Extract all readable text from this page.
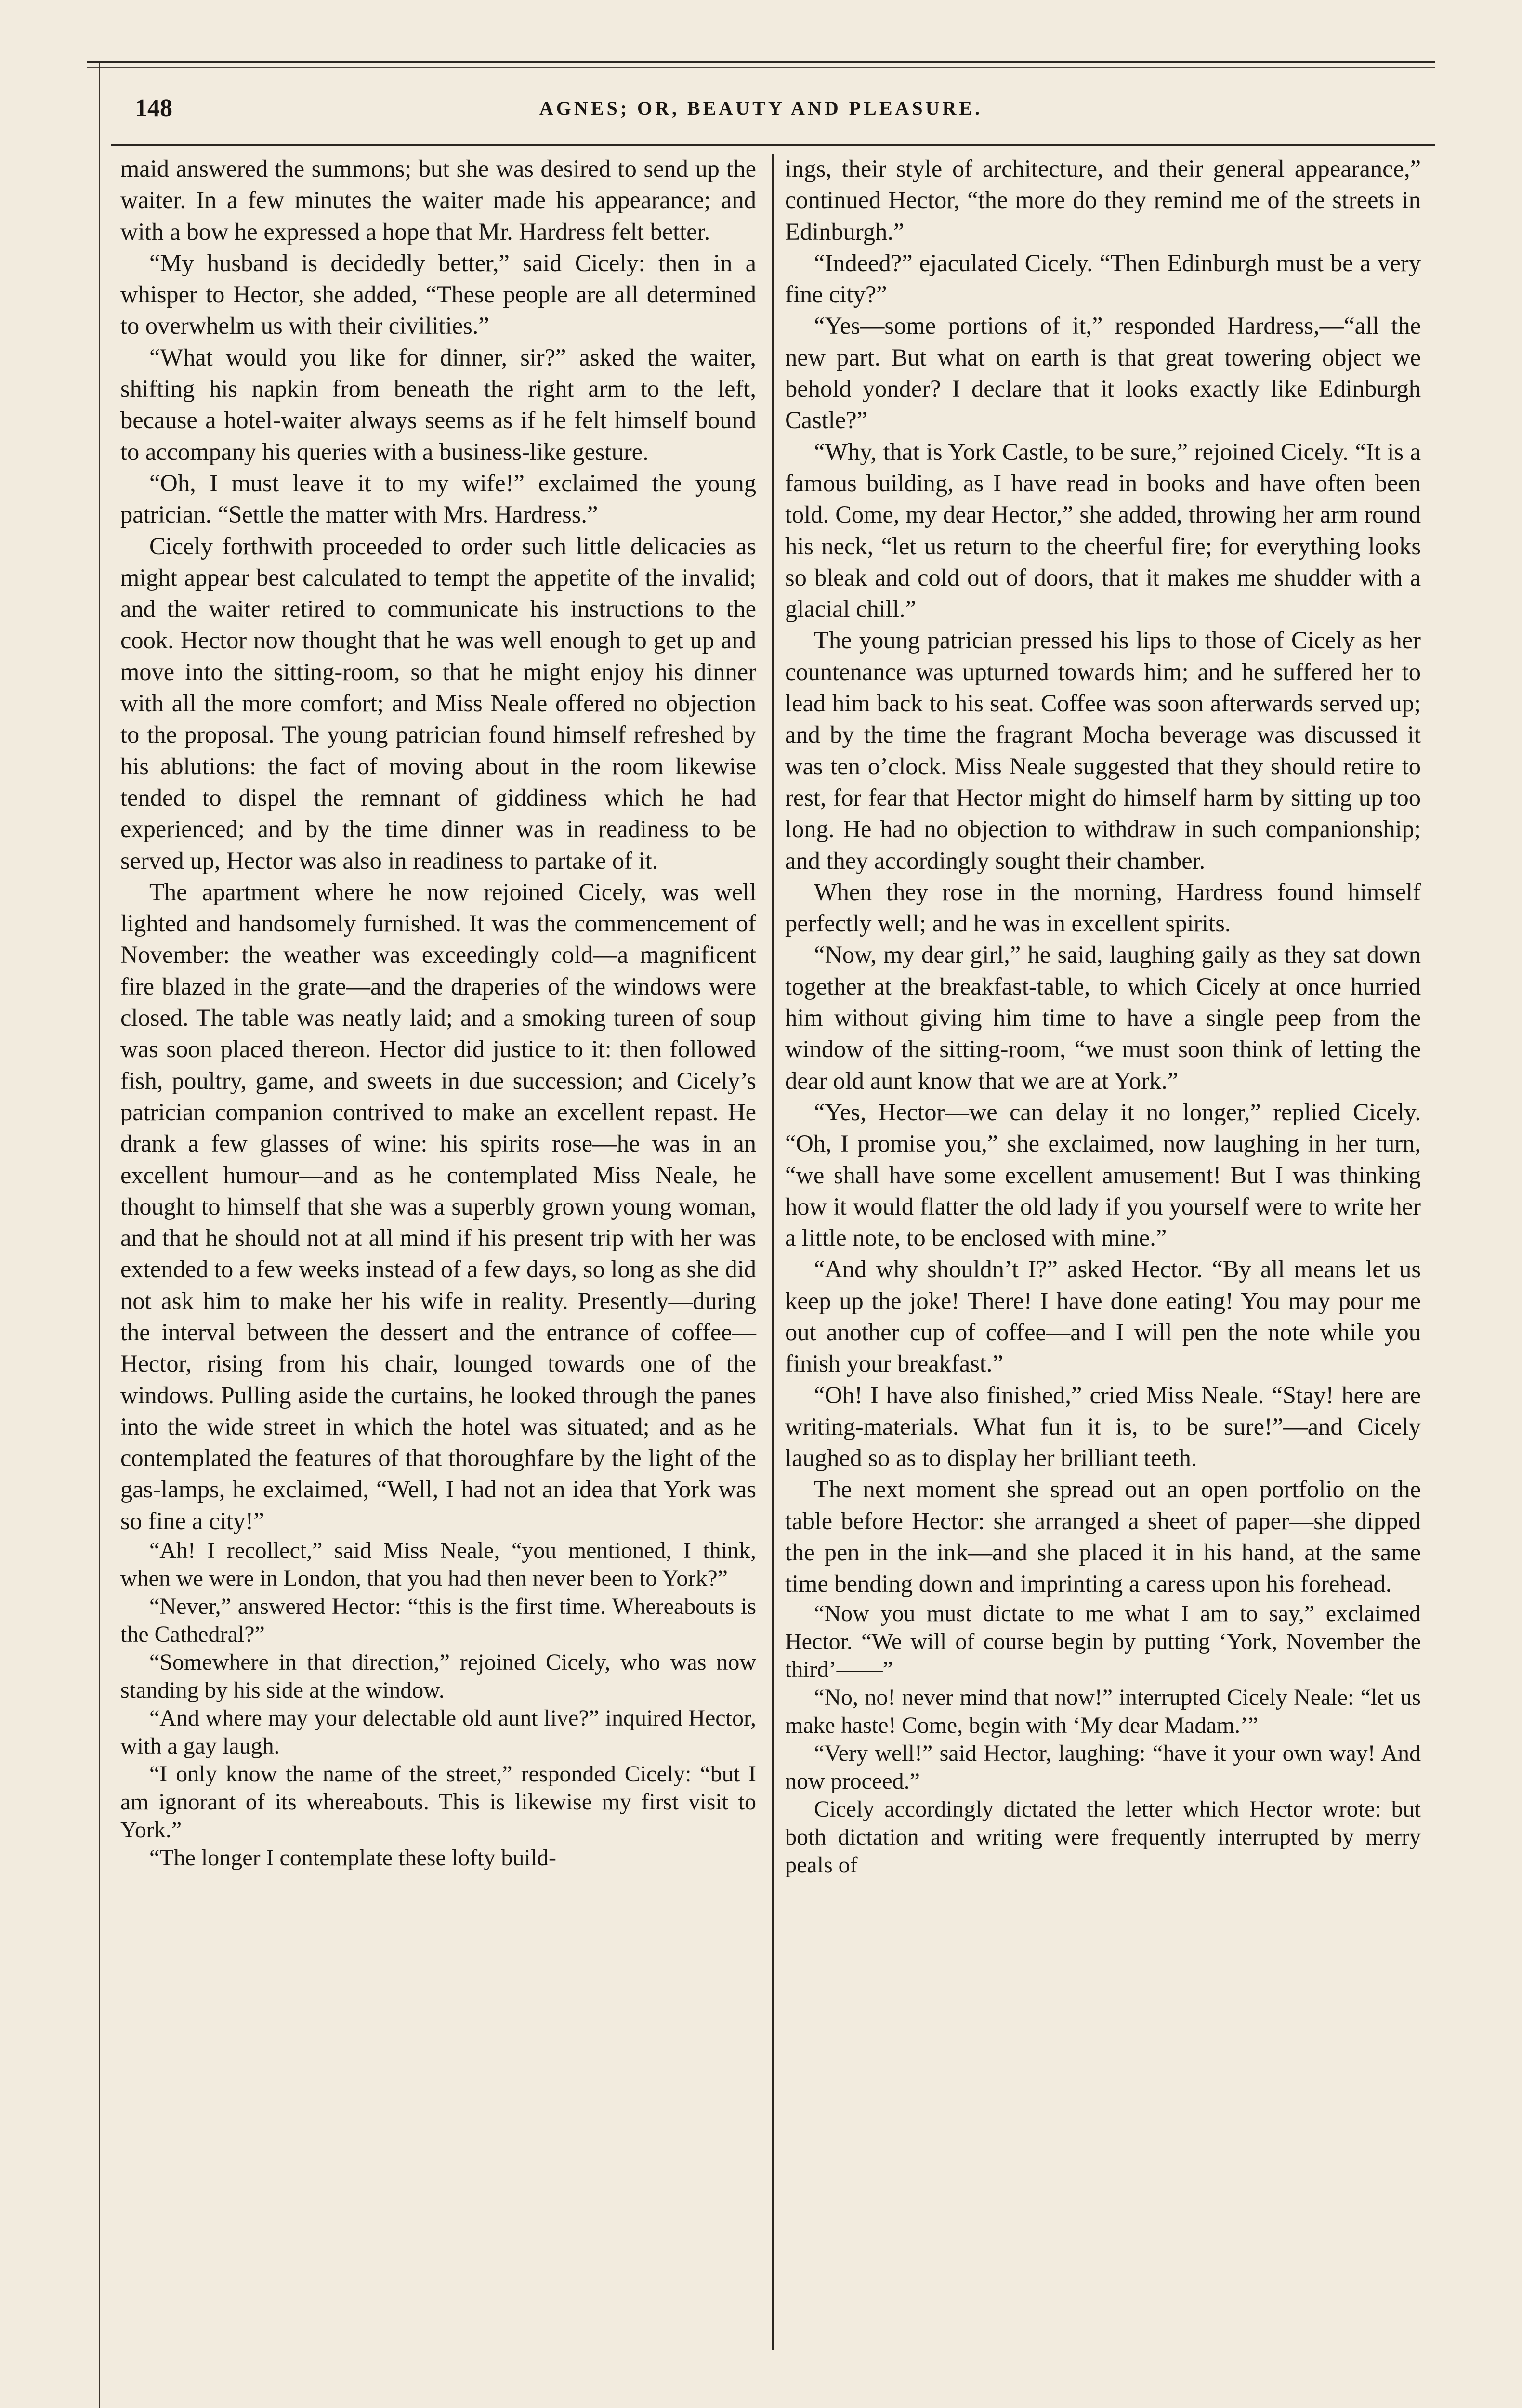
148	AGNES; OR, BEAUTY AND PLEASURE.

maid answered the summons; but she was desired to send up the waiter. In a few minutes the waiter made his appearance; and with a bow he expressed a hope that Mr. Hardress felt better.

“My husband is decidedly better,” said Cicely: then in a whisper to Hector, she added, “These people are all determined to overwhelm us with their civilities.”

“What would you like for dinner, sir?” asked the waiter, shifting his napkin from beneath the right arm to the left, because a hotel-waiter always seems as if he felt himself bound to accompany his queries with a business-like gesture.

“Oh, I must leave it to my wife!” exclaimed the young patrician. “Settle the matter with Mrs. Hardress.”

Cicely forthwith proceeded to order such little delicacies as might appear best calculated to tempt the appetite of the invalid; and the waiter retired to communicate his instructions to the cook. Hector now thought that he was well enough to get up and move into the sitting-room, so that he might enjoy his dinner with all the more comfort; and Miss Neale offered no objection to the proposal. The young patrician found himself refreshed by his ablutions: the fact of moving about in the room likewise tended to dispel the remnant of giddiness which he had experienced; and by the time dinner was in readiness to be served up, Hector was also in readiness to partake of it.

The apartment where he now rejoined Cicely, was well lighted and handsomely furnished. It was the commencement of November: the weather was exceedingly cold—a magnificent fire blazed in the grate—and the draperies of the windows were closed. The table was neatly laid; and a smoking tureen of soup was soon placed thereon. Hector did justice to it: then followed fish, poultry, game, and sweets in due succession; and Cicely’s patrician companion contrived to make an excellent repast. He drank a few glasses of wine: his spirits rose—he was in an excellent humour—and as he contemplated Miss Neale, he thought to himself that she was a superbly grown young woman, and that he should not at all mind if his present trip with her was extended to a few weeks instead of a few days, so long as she did not ask him to make her his wife in reality. Presently—during the interval between the dessert and the entrance of coffee—Hector, rising from his chair, lounged towards one of the windows. Pulling aside the curtains, he looked through the panes into the wide street in which the hotel was situated; and as he contemplated the features of that thoroughfare by the light of the gas-lamps, he exclaimed, “Well, I had not an idea that York was so fine a city!”

“Ah! I recollect,” said Miss Neale, “you mentioned, I think, when we were in London, that you had then never been to York?”

“Never,” answered Hector: “this is the first time. Whereabouts is the Cathedral?”

“Somewhere in that direction,” rejoined Cicely, who was now standing by his side at the window.

“And where may your delectable old aunt live?” inquired Hector, with a gay laugh.

“I only know the name of the street,” responded Cicely: “but I am ignorant of its whereabouts. This is likewise my first visit to York.”

“The longer I contemplate these lofty build-

ings, their style of architecture, and their general appearance,” continued Hector, “the more do they remind me of the streets in Edinburgh.”

“Indeed?” ejaculated Cicely. “Then Edinburgh must be a very fine city?”

“Yes—some portions of it,” responded Hardress,—“all the new part. But what on earth is that great towering object we behold yonder? I declare that it looks exactly like Edinburgh Castle?”

“Why, that is York Castle, to be sure,” rejoined Cicely. “It is a famous building, as I have read in books and have often been told. Come, my dear Hector,” she added, throwing her arm round his neck, “let us return to the cheerful fire; for everything looks so bleak and cold out of doors, that it makes me shudder with a glacial chill.”

The young patrician pressed his lips to those of Cicely as her countenance was upturned towards him; and he suffered her to lead him back to his seat. Coffee was soon afterwards served up; and by the time the fragrant Mocha beverage was discussed it was ten o’clock. Miss Neale suggested that they should retire to rest, for fear that Hector might do himself harm by sitting up too long. He had no objection to withdraw in such companionship; and they accordingly sought their chamber.

When they rose in the morning, Hardress found himself perfectly well; and he was in excellent spirits.

“Now, my dear girl,” he said, laughing gaily as they sat down together at the breakfast-table, to which Cicely at once hurried him without giving him time to have a single peep from the window of the sitting-room, “we must soon think of letting the dear old aunt know that we are at York.”

“Yes, Hector—we can delay it no longer,” replied Cicely. “Oh, I promise you,” she exclaimed, now laughing in her turn, “we shall have some excellent amusement! But I was thinking how it would flatter the old lady if you yourself were to write her a little note, to be enclosed with mine.”

“And why shouldn’t I?” asked Hector. “By all means let us keep up the joke! There! I have done eating! You may pour me out another cup of coffee—and I will pen the note while you finish your breakfast.”

“Oh! I have also finished,” cried Miss Neale. “Stay! here are writing-materials. What fun it is, to be sure!”—and Cicely laughed so as to display her brilliant teeth.

The next moment she spread out an open portfolio on the table before Hector: she arranged a sheet of paper—she dipped the pen in the ink—and she placed it in his hand, at the same time bending down and imprinting a caress upon his forehead.

“Now you must dictate to me what I am to say,” exclaimed Hector. “We will of course begin by putting ‘York, November the third’——”

“No, no! never mind that now!” interrupted Cicely Neale: “let us make haste! Come, begin with ‘My dear Madam.’”

“Very well!” said Hector, laughing: “have it your own way! And now proceed.”

Cicely accordingly dictated the letter which Hector wrote: but both dictation and writing were frequently interrupted by merry peals of
